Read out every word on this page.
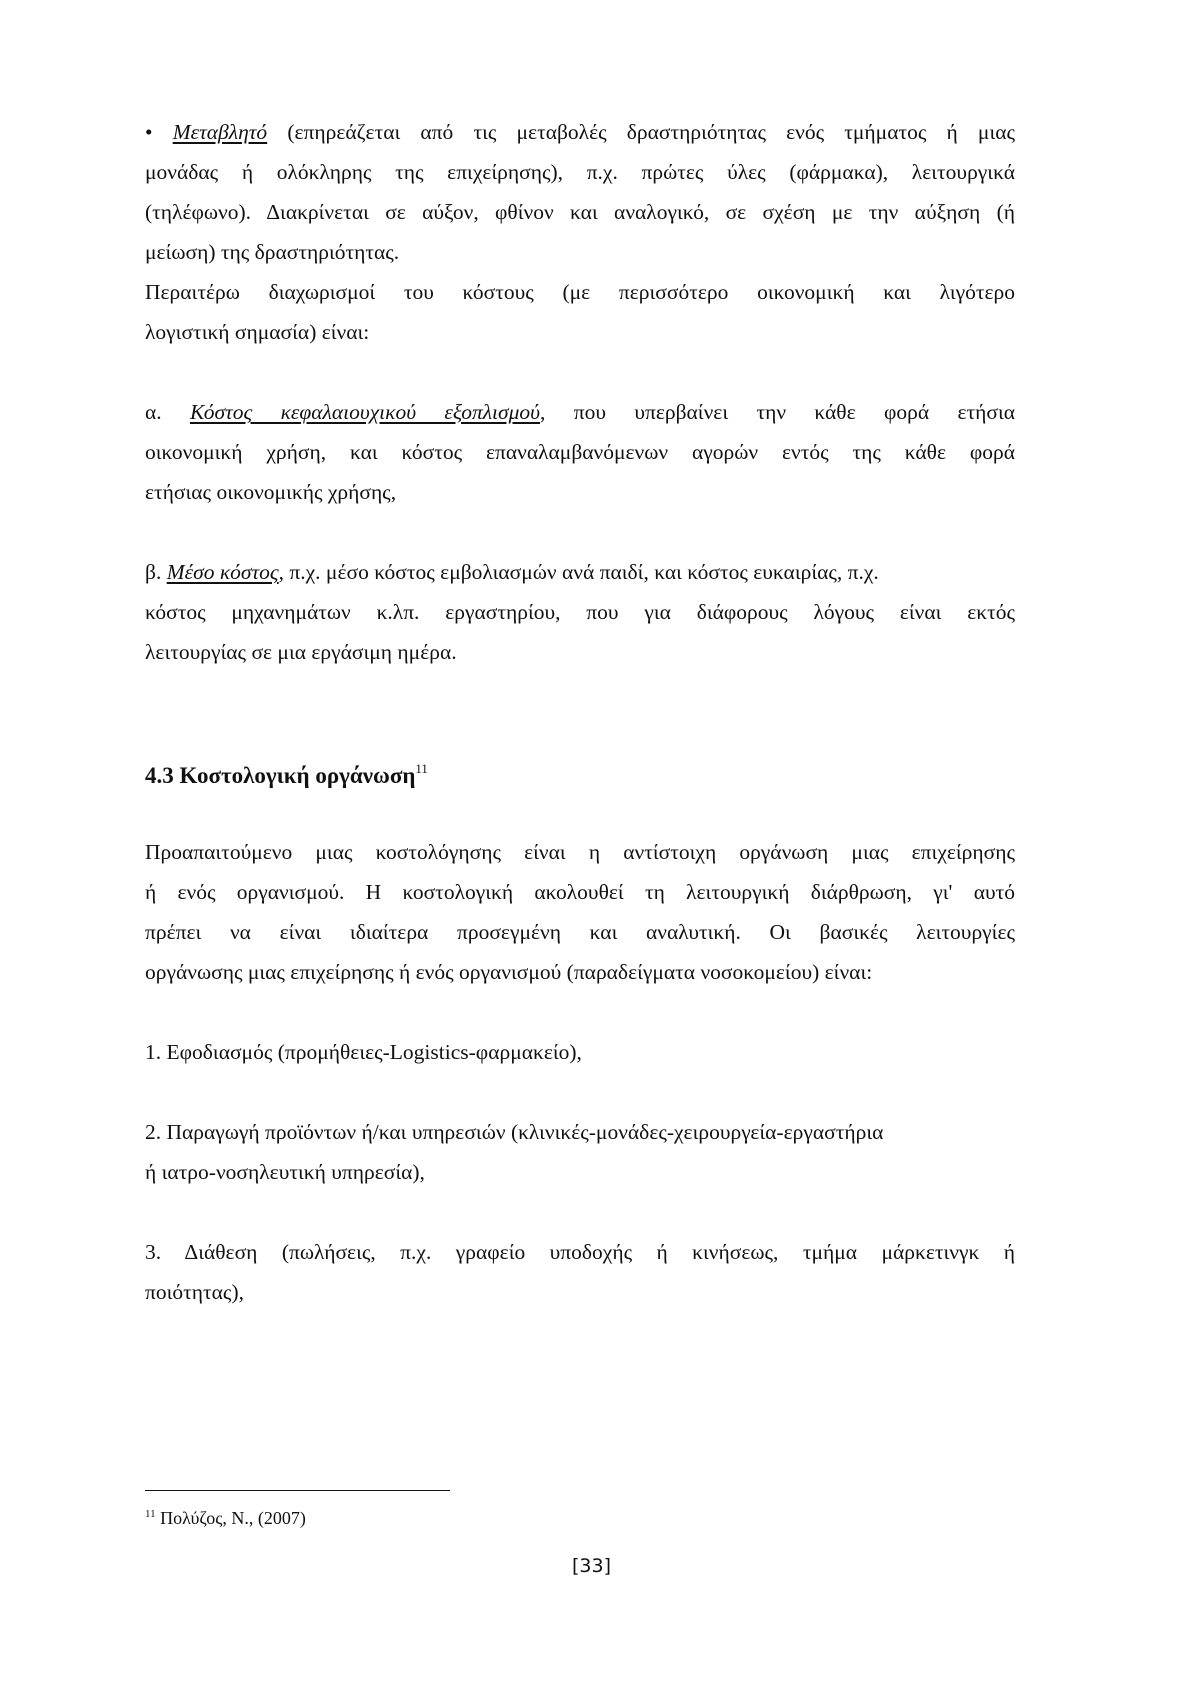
• Μεταβλητό (επηρεάζεται από τις μεταβολές δραστηριότητας ενός τμήματος ή μιας
μονάδας ή ολόκληρης της επιχείρησης), π.χ. πρώτες ύλες (φάρμακα), λειτουργικά
(τηλέφωνο). Διακρίνεται σε αύξον, φθίνον και αναλογικό, σε σχέση με την αύξηση (ή
μείωση) της δραστηριότητας.
Περαιτέρω διαχωρισμοί του κόστους (με περισσότερο οικονομική και λιγότερο
λογιστική σημασία) είναι:
α. Κόστος κεφαλαιουχικού εξοπλισμού, που υπερβαίνει την κάθε φορά ετήσια
οικονομική χρήση, και κόστος επαναλαμβανόμενων αγορών εντός της κάθε φορά
ετήσιας οικονομικής χρήσης,
β. Μέσο κόστος, π.χ. μέσο κόστος εμβολιασμών ανά παιδί, και κόστος ευκαιρίας, π.χ.
κόστος μηχανημάτων κ.λπ. εργαστηρίου, που για διάφορους λόγους είναι εκτός
λειτουργίας σε μια εργάσιμη ημέρα.
4.3 Κοστολογική οργάνωση$^{11}$
Προαπαιτούμενο μιας κοστολόγησης είναι η αντίστοιχη οργάνωση μιας επιχείρησης
ή ενός οργανισμού. Η κοστολογική ακολουθεί τη λειτουργική διάρθρωση, γι' αυτό
πρέπει να είναι ιδιαίτερα προσεγμένη και αναλυτική. Οι βασικές λειτουργίες
οργάνωσης μιας επιχείρησης ή ενός οργανισμού (παραδείγματα νοσοκομείου) είναι:
1. Εφοδιασμός (προμήθειες-Logistics-φαρμακείο),
2. Παραγωγή προϊόντων ή/και υπηρεσιών (κλινικές-μονάδες-χειρουργεία-εργαστήρια
ή ιατρο-νοσηλευτική υπηρεσία),
3. Διάθεση (πωλήσεις, π.χ. γραφείο υποδοχής ή κινήσεως, τμήμα μάρκετινγκ ή
ποιότητας),
$^{11}$ Πολύζος, Ν., (2007)
[33]
